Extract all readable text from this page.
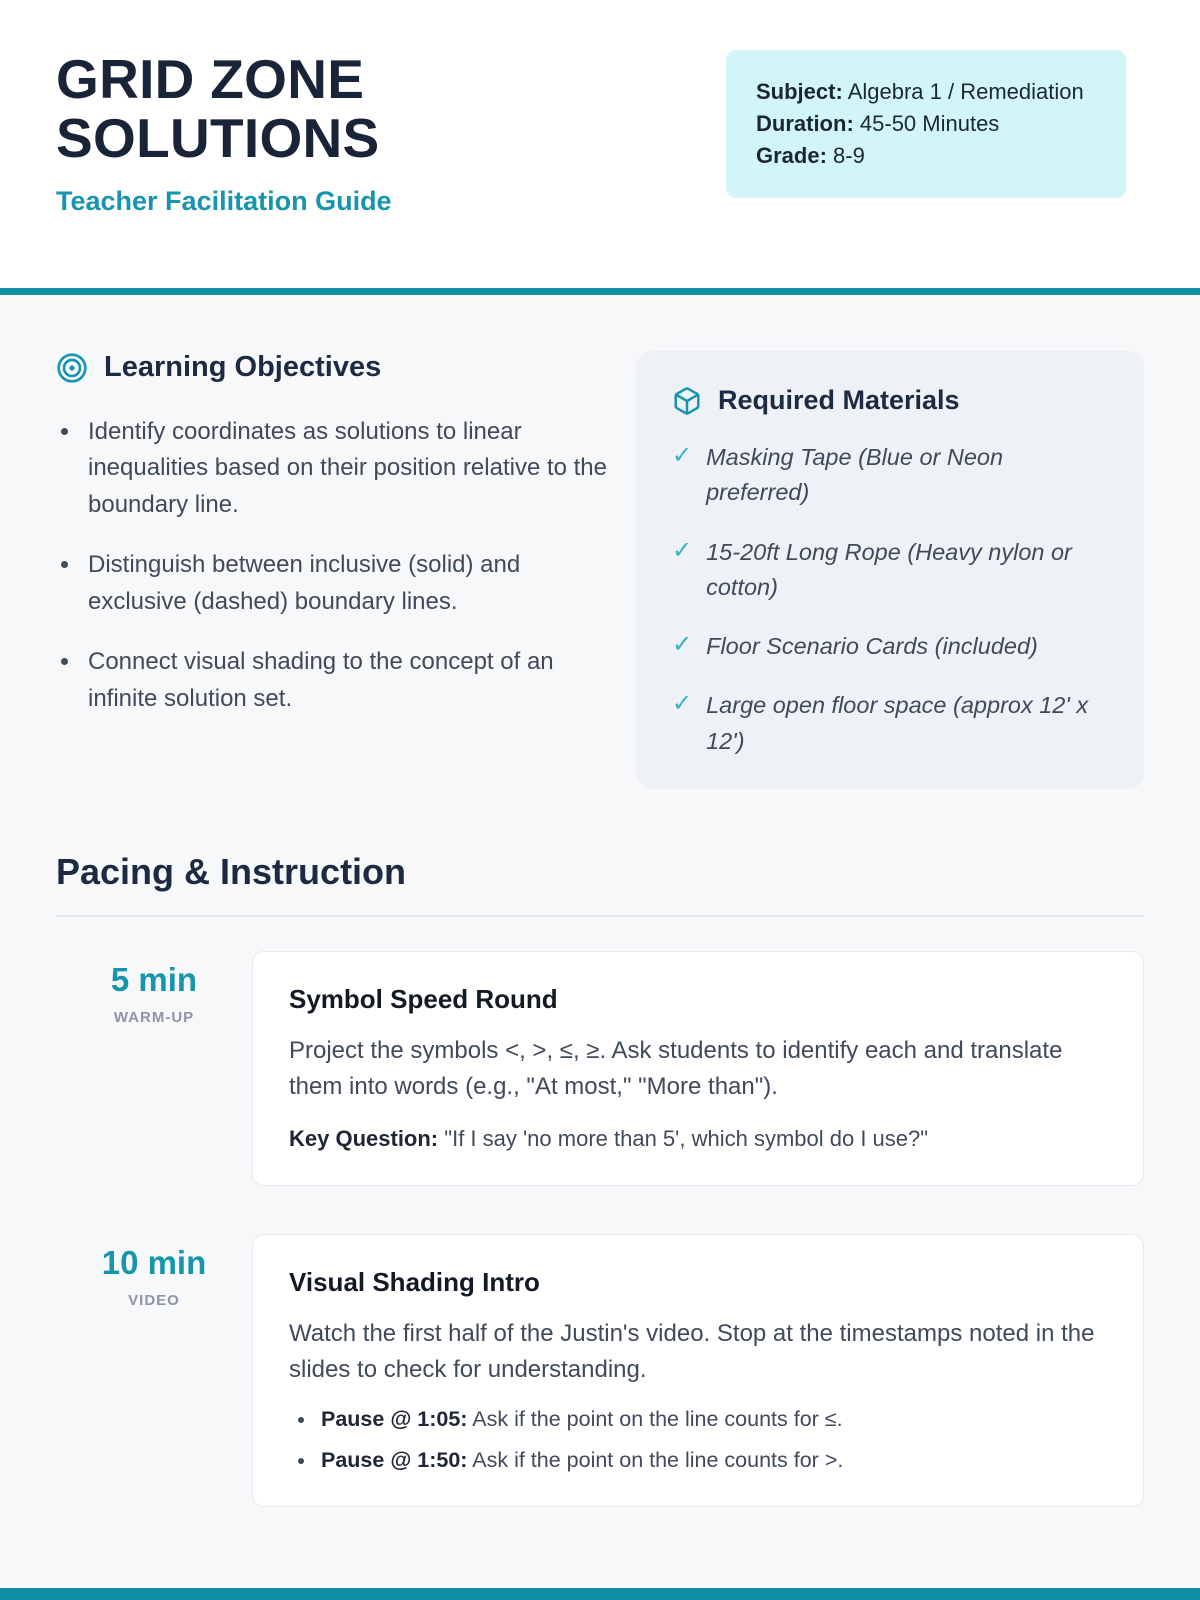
GRID ZONE
SOLUTIONS
Teacher Facilitation Guide
Subject: Algebra 1 / Remediation
Duration: 45-50 Minutes
Grade: 8-9
Learning Objectives
• Identify coordinates as solutions to linear inequalities based on their position relative to the boundary line.
• Distinguish between inclusive (solid) and exclusive (dashed) boundary lines.
• Connect visual shading to the concept of an infinite solution set.
Required Materials
✓ Masking Tape (Blue or Neon preferred)
✓ 15-20ft Long Rope (Heavy nylon or cotton)
✓ Floor Scenario Cards (included)
✓ Large open floor space (approx 12' x 12')
Pacing & Instruction
5 min
WARM-UP
Symbol Speed Round

Project the symbols <, >, ≤, ≥. Ask students to identify each and translate them into words (e.g., "At most," "More than").

Key Question: "If I say 'no more than 5', which symbol do I use?"

10 min
VIDEO
Visual Shading Intro

Watch the first half of the Justin's video. Stop at the timestamps noted in the slides to check for understanding.

• Pause @ 1:05: Ask if the point on the line counts for ≤.
• Pause @ 1:50: Ask if the point on the line counts for >.
